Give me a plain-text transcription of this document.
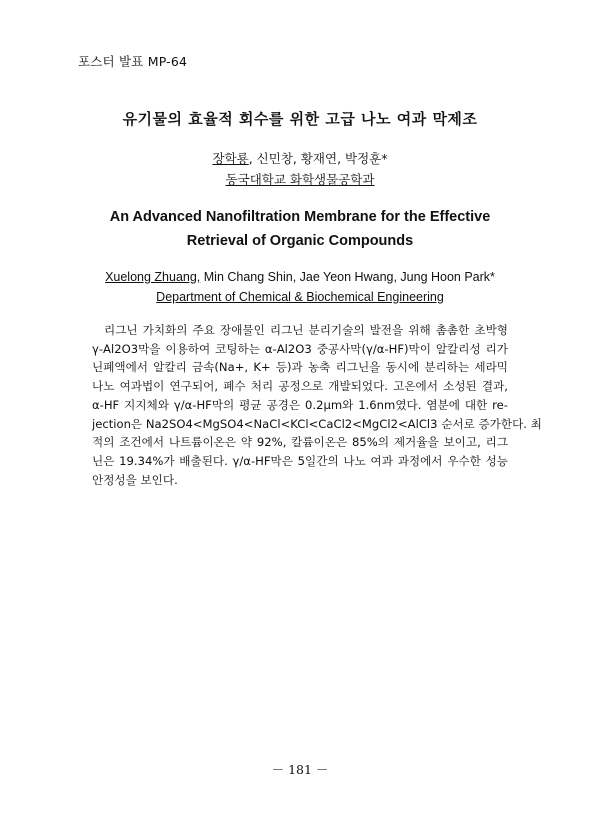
포스터 발표 MP-64
유기물의 효율적 회수를 위한 고급 나노 여과 막제조
장학룡, 신민창, 황재연, 박정훈*
동국대학교 화학생물공학과
An Advanced Nanofiltration Membrane for the Effective
Retrieval of Organic Compounds
Xuelong Zhuang, Min Chang Shin, Jae Yeon Hwang, Jung Hoon Park*
Department of Chemical & Biochemical Engineering
리그닌 가치화의 주요 장애물인 리그닌 분리기술의 발전을 위해 촘촘한 초박형
γ-Al2O3막을 이용하여 코팅하는 α-Al2O3 중공사막(γ/α-HF)막이 알칼리성 리가
닌폐액에서 알칼리 금속(Na+, K+ 등)과 농축 리그닌을 동시에 분리하는 세라믹
나노 여과법이 연구되어, 폐수 처리 공정으로 개발되었다. 고온에서 소성된 결과,
α-HF 지지체와 γ/α-HF막의 평균 공경은 0.2μm와 1.6nm였다. 염분에 대한 re-
jection은 Na2SO4<MgSO4<NaCl<KCl<CaCl2<MgCl2<AlCl3 순서로 증가한다. 최
적의 조건에서 나트륨이온은 약 92%, 칼륨이온은 85%의 제거율을 보이고, 리그
닌은 19.34%가 배출된다. γ/α-HF막은 5일간의 나노 여과 과정에서 우수한 성능
안정성을 보인다.
－ 181 －
